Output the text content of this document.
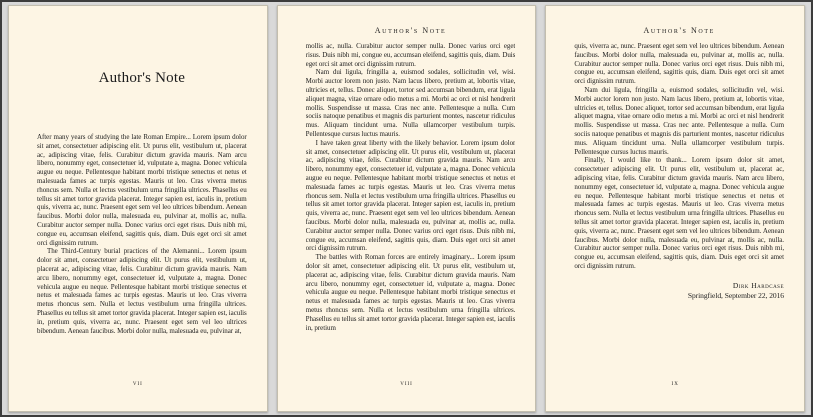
Author's Note

After many years of studying the late Roman Empire... Lorem ipsum dolor sit amet, consectetuer adipiscing elit. Ut purus elit, vestibulum ut, placerat ac, adipiscing vitae, felis. Curabitur dictum gravida mauris. Nam arcu libero, nonummy eget, consectetuer id, vulputate a, magna. Donec vehicula augue eu neque. Pellentesque habitant morbi tristique senectus et netus et malesuada fames ac turpis egestas. Mauris ut leo. Cras viverra metus rhoncus sem. Nulla et lectus vestibulum urna fringilla ultrices. Phasellus eu tellus sit amet tortor gravida placerat. Integer sapien est, iaculis in, pretium quis, viverra ac, nunc. Praesent eget sem vel leo ultrices bibendum. Aenean faucibus. Morbi dolor nulla, malesuada eu, pulvinar at, mollis ac, nulla. Curabitur auctor semper nulla. Donec varius orci eget risus. Duis nibh mi, congue eu, accumsan eleifend, sagittis quis, diam. Duis eget orci sit amet orci dignissim rutrum.

The Third-Century burial practices of the Alemanni... Lorem ipsum dolor sit amet, consectetuer adipiscing elit. Ut purus elit, vestibulum ut, placerat ac, adipiscing vitae, felis. Curabitur dictum gravida mauris. Nam arcu libero, nonummy eget, consectetuer id, vulputate a, magna. Donec vehicula augue eu neque. Pellentesque habitant morbi tristique senectus et netus et malesuada fames ac turpis egestas. Mauris ut leo. Cras viverra metus rhoncus sem. Nulla et lectus vestibulum urna fringilla ultrices. Phasellus eu tellus sit amet tortor gravida placerat. Integer sapien est, iaculis in, pretium quis, viverra ac, nunc. Praesent eget sem vel leo ultrices bibendum. Aenean faucibus. Morbi dolor nulla, malesuada eu, pulvinar at,

vii
Author's Note

mollis ac, nulla. Curabitur auctor semper nulla. Donec varius orci eget risus. Duis nibh mi, congue eu, accumsan eleifend, sagittis quis, diam. Duis eget orci sit amet orci dignissim rutrum.

Nam dui ligula, fringilla a, euismod sodales, sollicitudin vel, wisi. Morbi auctor lorem non justo. Nam lacus libero, pretium at, lobortis vitae, ultricies et, tellus. Donec aliquet, tortor sed accumsan bibendum, erat ligula aliquet magna, vitae ornare odio metus a mi. Morbi ac orci et nisl hendrerit mollis. Suspendisse ut massa. Cras nec ante. Pellentesque a nulla. Cum sociis natoque penatibus et magnis dis parturient montes, nascetur ridiculus mus. Aliquam tincidunt urna. Nulla ullamcorper vestibulum turpis. Pellentesque cursus luctus mauris.

I have taken great liberty with the likely behavior. Lorem ipsum dolor sit amet, consectetuer adipiscing elit. Ut purus elit, vestibulum ut, placerat ac, adipiscing vitae, felis. Curabitur dictum gravida mauris. Nam arcu libero, nonummy eget, consectetuer id, vulputate a, magna. Donec vehicula augue eu neque. Pellentesque habitant morbi tristique senectus et netus et malesuada fames ac turpis egestas. Mauris ut leo. Cras viverra metus rhoncus sem. Nulla et lectus vestibulum urna fringilla ultrices. Phasellus eu tellus sit amet tortor gravida placerat. Integer sapien est, iaculis in, pretium quis, viverra ac, nunc. Praesent eget sem vel leo ultrices bibendum. Aenean faucibus. Morbi dolor nulla, malesuada eu, pulvinar at, mollis ac, nulla. Curabitur auctor semper nulla. Donec varius orci eget risus. Duis nibh mi, congue eu, accumsan eleifend, sagittis quis, diam. Duis eget orci sit amet orci dignissim rutrum.

The battles with Roman forces are entirely imaginary... Lorem ipsum dolor sit amet, consectetuer adipiscing elit. Ut purus elit, vestibulum ut, placerat ac, adipiscing vitae, felis. Curabitur dictum gravida mauris. Nam arcu libero, nonummy eget, consectetuer id, vulputate a, magna. Donec vehicula augue eu neque. Pellentesque habitant morbi tristique senectus et netus et malesuada fames ac turpis egestas. Mauris ut leo. Cras viverra metus rhoncus sem. Nulla et lectus vestibulum urna fringilla ultrices. Phasellus eu tellus sit amet tortor gravida placerat. Integer sapien est, iaculis in, pretium

viii
Author's Note

quis, viverra ac, nunc. Praesent eget sem vel leo ultrices bibendum. Aenean faucibus. Morbi dolor nulla, malesuada eu, pulvinar at, mollis ac, nulla. Curabitur auctor semper nulla. Donec varius orci eget risus. Duis nibh mi, congue eu, accumsan eleifend, sagittis quis, diam. Duis eget orci sit amet orci dignissim rutrum.

Nam dui ligula, fringilla a, euismod sodales, sollicitudin vel, wisi. Morbi auctor lorem non justo. Nam lacus libero, pretium at, lobortis vitae, ultricies et, tellus. Donec aliquet, tortor sed accumsan bibendum, erat ligula aliquet magna, vitae ornare odio metus a mi. Morbi ac orci et nisl hendrerit mollis. Suspendisse ut massa. Cras nec ante. Pellentesque a nulla. Cum sociis natoque penatibus et magnis dis parturient montes, nascetur ridiculus mus. Aliquam tincidunt urna. Nulla ullamcorper vestibulum turpis. Pellentesque cursus luctus mauris.

Finally, I would like to thank... Lorem ipsum dolor sit amet, consectetuer adipiscing elit. Ut purus elit, vestibulum ut, placerat ac, adipiscing vitae, felis. Curabitur dictum gravida mauris. Nam arcu libero, nonummy eget, consectetuer id, vulputate a, magna. Donec vehicula augue eu neque. Pellentesque habitant morbi tristique senectus et netus et malesuada fames ac turpis egestas. Mauris ut leo. Cras viverra metus rhoncus sem. Nulla et lectus vestibulum urna fringilla ultrices. Phasellus eu tellus sit amet tortor gravida placerat. Integer sapien est, iaculis in, pretium quis, viverra ac, nunc. Praesent eget sem vel leo ultrices bibendum. Aenean faucibus. Morbi dolor nulla, malesuada eu, pulvinar at, mollis ac, nulla. Curabitur auctor semper nulla. Donec varius orci eget risus. Duis nibh mi, congue eu, accumsan eleifend, sagittis quis, diam. Duis eget orci sit amet orci dignissim rutrum.

Dirk Hardcase
Springfield, September 22, 2016
ix
